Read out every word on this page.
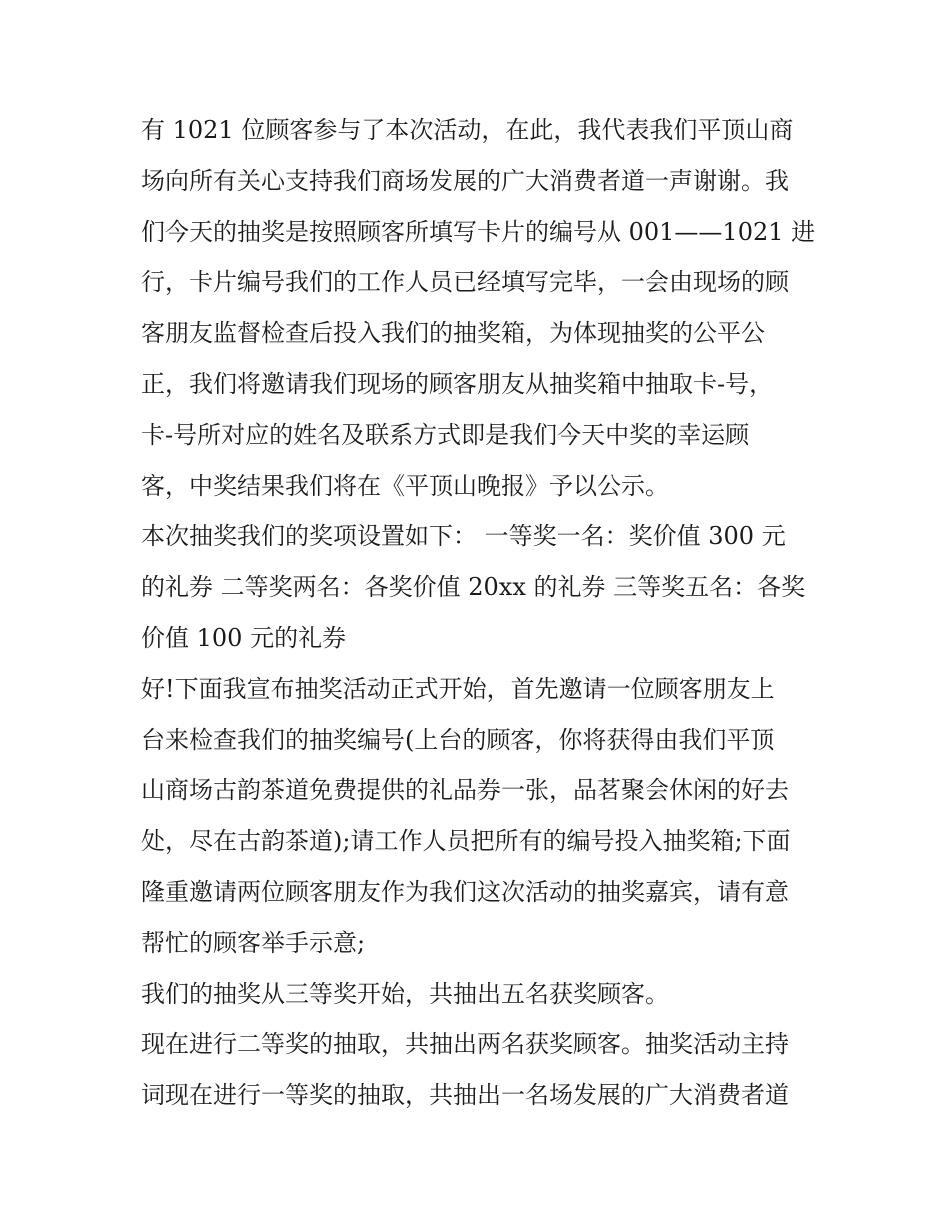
有 1021 位顾客参与了本次活动，在此，我代表我们平顶山商
场向所有关心支持我们商场发展的广大消费者道一声谢谢。我
们今天的抽奖是按照顾客所填写卡片的编号从 001——1021 进
行，卡片编号我们的工作人员已经填写完毕，一会由现场的顾
客朋友监督检查后投入我们的抽奖箱，为体现抽奖的公平公
正，我们将邀请我们现场的顾客朋友从抽奖箱中抽取卡-号，
卡-号所对应的姓名及联系方式即是我们今天中奖的幸运顾
客，中奖结果我们将在《平顶山晚报》予以公示。
本次抽奖我们的奖项设置如下： 一等奖一名：奖价值 300 元
的礼券 二等奖两名：各奖价值 20xx 的礼券 三等奖五名：各奖
价值 100 元的礼券
好!下面我宣布抽奖活动正式开始，首先邀请一位顾客朋友上
台来检查我们的抽奖编号(上台的顾客，你将获得由我们平顶
山商场古韵茶道免费提供的礼品券一张，品茗聚会休闲的好去
处，尽在古韵茶道);请工作人员把所有的编号投入抽奖箱;下面
隆重邀请两位顾客朋友作为我们这次活动的抽奖嘉宾，请有意
帮忙的顾客举手示意;
我们的抽奖从三等奖开始，共抽出五名获奖顾客。
现在进行二等奖的抽取，共抽出两名获奖顾客。抽奖活动主持
词现在进行一等奖的抽取，共抽出一名场发展的广大消费者道
